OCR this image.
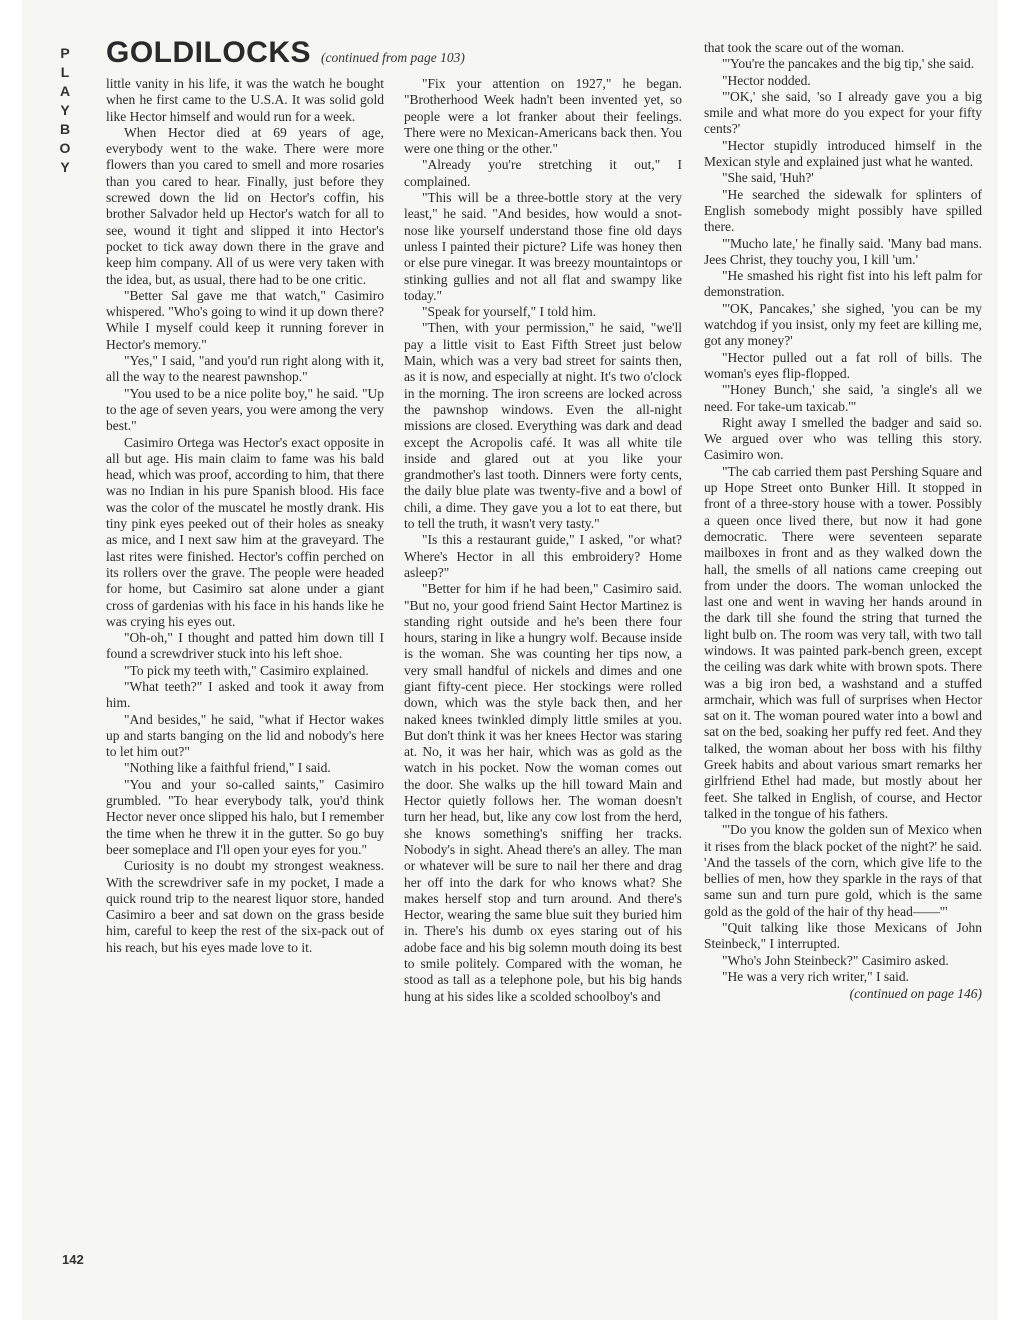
P
L
A
Y
B
O
Y
GOLDILOCKS (continued from page 103)

little vanity in his life, it was the watch he bought when he first came to the U.S.A. It was solid gold like Hector himself and would run for a week.

When Hector died at 69 years of age, everybody went to the wake. There were more flowers than you cared to smell and more rosaries than you cared to hear. Finally, just before they screwed down the lid on Hector's coffin, his brother Salvador held up Hector's watch for all to see, wound it tight and slipped it into Hector's pocket to tick away down there in the grave and keep him company. All of us were very taken with the idea, but, as usual, there had to be one critic.

"Better Sal gave me that watch," Casimiro whispered. "Who's going to wind it up down there? While I myself could keep it running forever in Hector's memory."

"Yes," I said, "and you'd run right along with it, all the way to the nearest pawnshop."

"You used to be a nice polite boy," he said. "Up to the age of seven years, you were among the very best."

Casimiro Ortega was Hector's exact opposite in all but age. His main claim to fame was his bald head, which was proof, according to him, that there was no Indian in his pure Spanish blood. His face was the color of the muscatel he mostly drank. His tiny pink eyes peeked out of their holes as sneaky as mice, and I next saw him at the graveyard. The last rites were finished. Hector's coffin perched on its rollers over the grave. The people were headed for home, but Casimiro sat alone under a giant cross of gardenias with his face in his hands like he was crying his eyes out.

"Oh-oh," I thought and patted him down till I found a screwdriver stuck into his left shoe.

"To pick my teeth with," Casimiro explained.

"What teeth?" I asked and took it away from him.

"And besides," he said, "what if Hector wakes up and starts banging on the lid and nobody's here to let him out?"

"Nothing like a faithful friend," I said.

"You and your so-called saints," Casimiro grumbled. "To hear everybody talk, you'd think Hector never once slipped his halo, but I remember the time when he threw it in the gutter. So go buy beer someplace and I'll open your eyes for you."

Curiosity is no doubt my strongest weakness. With the screwdriver safe in my pocket, I made a quick round trip to the nearest liquor store, handed Casimiro a beer and sat down on the grass beside him, careful to keep the rest of the six-pack out of his reach, but his eyes made love to it.

"Fix your attention on 1927," he began. "Brotherhood Week hadn't been invented yet, so people were a lot franker about their feelings. There were no Mexican-Americans back then. You were one thing or the other."

"Already you're stretching it out," I complained.

"This will be a three-bottle story at the very least," he said. "And besides, how would a snot-nose like yourself understand those fine old days unless I painted their picture? Life was honey then or else pure vinegar. It was breezy mountaintops or stinking gullies and not all flat and swampy like today."

"Speak for yourself," I told him.

"Then, with your permission," he said, "we'll pay a little visit to East Fifth Street just below Main, which was a very bad street for saints then, as it is now, and especially at night. It's two o'clock in the morning. The iron screens are locked across the pawnshop windows. Even the all-night missions are closed. Everything was dark and dead except the Acropolis café. It was all white tile inside and glared out at you like your grandmother's last tooth. Dinners were forty cents, the daily blue plate was twenty-five and a bowl of chili, a dime. They gave you a lot to eat there, but to tell the truth, it wasn't very tasty."

"Is this a restaurant guide," I asked, "or what? Where's Hector in all this embroidery? Home asleep?"

"Better for him if he had been," Casimiro said. "But no, your good friend Saint Hector Martinez is standing right outside and he's been there four hours, staring in like a hungry wolf. Because inside is the woman. She was counting her tips now, a very small handful of nickels and dimes and one giant fifty-cent piece. Her stockings were rolled down, which was the style back then, and her naked knees twinkled dimply little smiles at you. But don't think it was her knees Hector was staring at. No, it was her hair, which was as gold as the watch in his pocket. Now the woman comes out the door. She walks up the hill toward Main and Hector quietly follows her. The woman doesn't turn her head, but, like any cow lost from the herd, she knows something's sniffing her tracks. Nobody's in sight. Ahead there's an alley. The man or whatever will be sure to nail her there and drag her off into the dark for who knows what? She makes herself stop and turn around. And there's Hector, wearing the same blue suit they buried him in. There's his dumb ox eyes staring out of his adobe face and his big solemn mouth doing its best to smile politely. Compared with the woman, he stood as tall as a telephone pole, but his big hands hung at his sides like a scolded schoolboy's and

that took the scare out of the woman.

"'You're the pancakes and the big tip,' she said.

"Hector nodded.

"'OK,' she said, 'so I already gave you a big smile and what more do you expect for your fifty cents?'

"Hector stupidly introduced himself in the Mexican style and explained just what he wanted.

"She said, 'Huh?'

"He searched the sidewalk for splinters of English somebody might possibly have spilled there.

"'Mucho late,' he finally said. 'Many bad mans. Jees Christ, they touchy you, I kill 'um.'

"He smashed his right fist into his left palm for demonstration.

"'OK, Pancakes,' she sighed, 'you can be my watchdog if you insist, only my feet are killing me, got any money?'

"Hector pulled out a fat roll of bills. The woman's eyes flip-flopped.

"'Honey Bunch,' she said, 'a single's all we need. For take-um taxicab.'"

Right away I smelled the badger and said so. We argued over who was telling this story. Casimiro won.

"The cab carried them past Pershing Square and up Hope Street onto Bunker Hill. It stopped in front of a three-story house with a tower. Possibly a queen once lived there, but now it had gone democratic. There were seventeen separate mailboxes in front and as they walked down the hall, the smells of all nations came creeping out from under the doors. The woman unlocked the last one and went in waving her hands around in the dark till she found the string that turned the light bulb on. The room was very tall, with two tall windows. It was painted park-bench green, except the ceiling was dark white with brown spots. There was a big iron bed, a washstand and a stuffed armchair, which was full of surprises when Hector sat on it. The woman poured water into a bowl and sat on the bed, soaking her puffy red feet. And they talked, the woman about her boss with his filthy Greek habits and about various smart remarks her girlfriend Ethel had made, but mostly about her feet. She talked in English, of course, and Hector talked in the tongue of his fathers.

"'Do you know the golden sun of Mexico when it rises from the black pocket of the night?' he said. 'And the tassels of the corn, which give life to the bellies of men, how they sparkle in the rays of that same sun and turn pure gold, which is the same gold as the gold of the hair of thy head——'"

"Quit talking like those Mexicans of John Steinbeck," I interrupted.

"Who's John Steinbeck?" Casimiro asked.

"He was a very rich writer," I said.

(continued on page 146)
142
